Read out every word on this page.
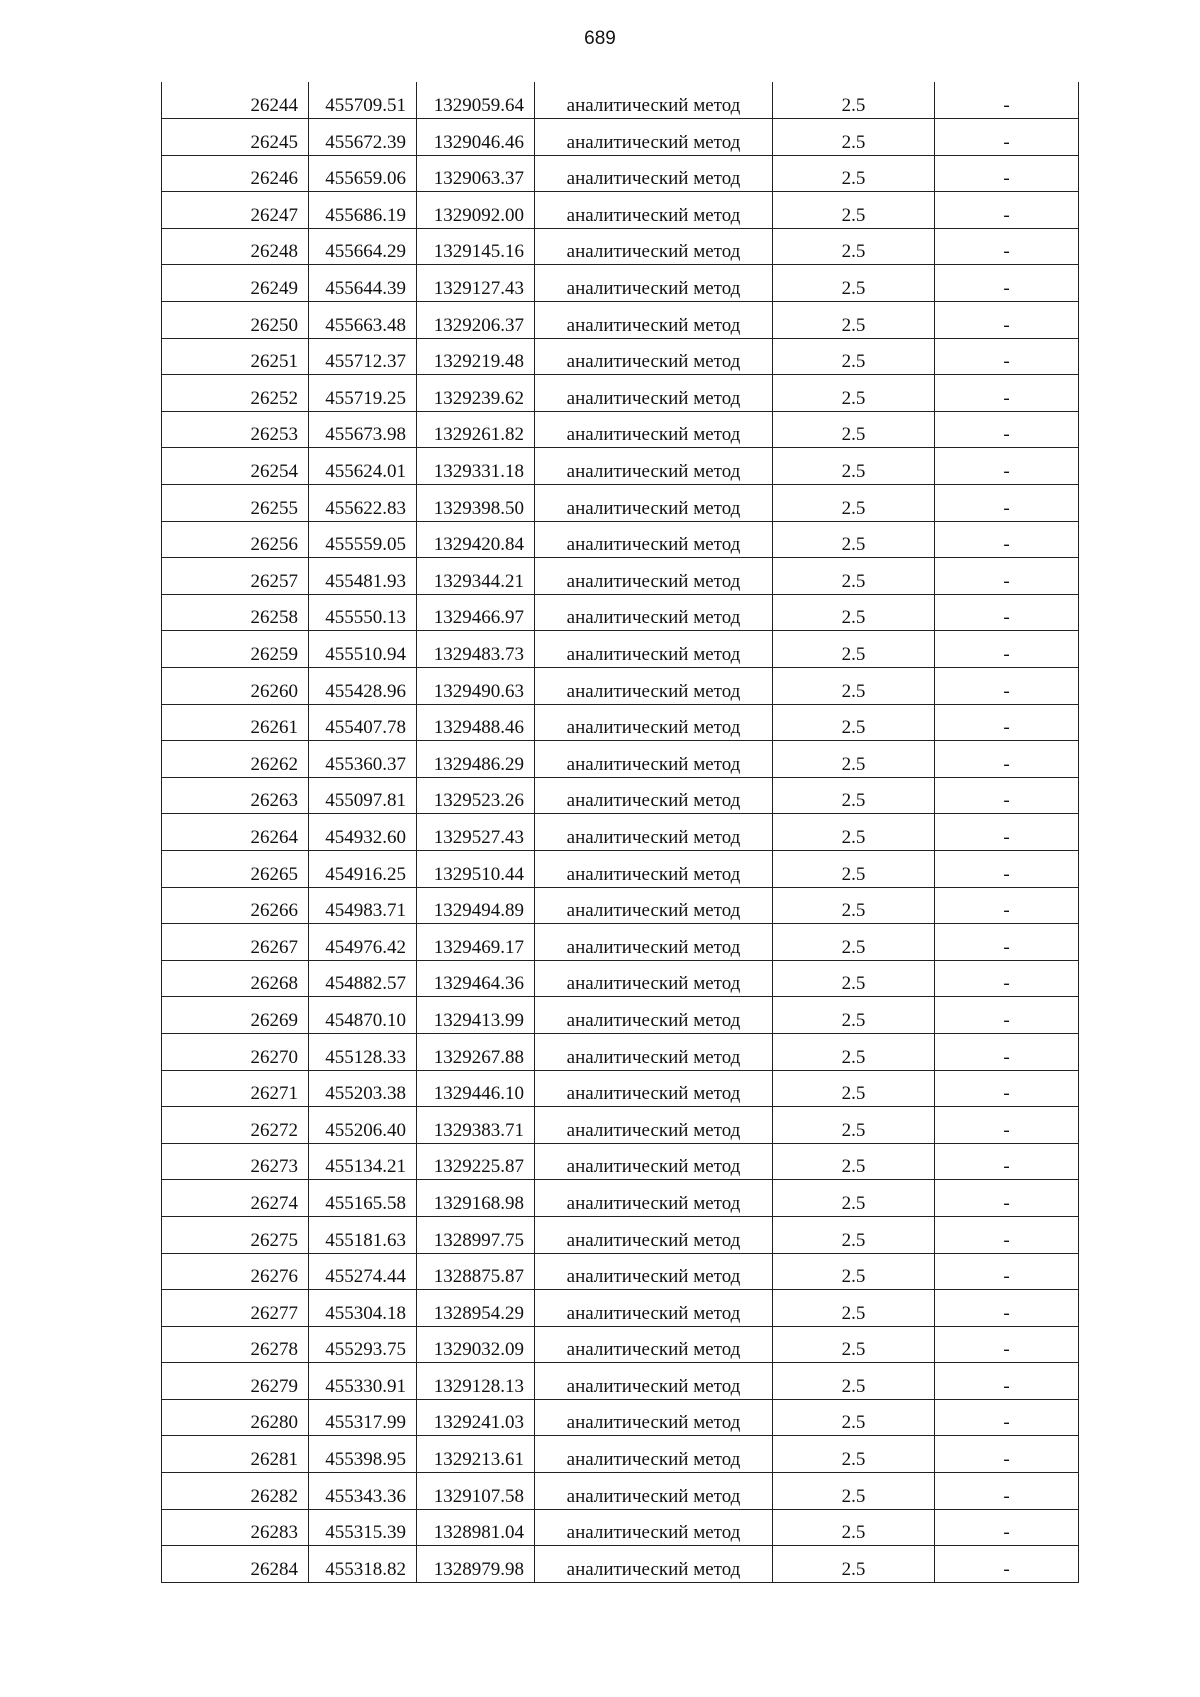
689
26244	455709.51	1329059.64	аналитический метод	2.5	-
26245	455672.39	1329046.46	аналитический метод	2.5	-
26246	455659.06	1329063.37	аналитический метод	2.5	-
26247	455686.19	1329092.00	аналитический метод	2.5	-
26248	455664.29	1329145.16	аналитический метод	2.5	-
26249	455644.39	1329127.43	аналитический метод	2.5	-
26250	455663.48	1329206.37	аналитический метод	2.5	-
26251	455712.37	1329219.48	аналитический метод	2.5	-
26252	455719.25	1329239.62	аналитический метод	2.5	-
26253	455673.98	1329261.82	аналитический метод	2.5	-
26254	455624.01	1329331.18	аналитический метод	2.5	-
26255	455622.83	1329398.50	аналитический метод	2.5	-
26256	455559.05	1329420.84	аналитический метод	2.5	-
26257	455481.93	1329344.21	аналитический метод	2.5	-
26258	455550.13	1329466.97	аналитический метод	2.5	-
26259	455510.94	1329483.73	аналитический метод	2.5	-
26260	455428.96	1329490.63	аналитический метод	2.5	-
26261	455407.78	1329488.46	аналитический метод	2.5	-
26262	455360.37	1329486.29	аналитический метод	2.5	-
26263	455097.81	1329523.26	аналитический метод	2.5	-
26264	454932.60	1329527.43	аналитический метод	2.5	-
26265	454916.25	1329510.44	аналитический метод	2.5	-
26266	454983.71	1329494.89	аналитический метод	2.5	-
26267	454976.42	1329469.17	аналитический метод	2.5	-
26268	454882.57	1329464.36	аналитический метод	2.5	-
26269	454870.10	1329413.99	аналитический метод	2.5	-
26270	455128.33	1329267.88	аналитический метод	2.5	-
26271	455203.38	1329446.10	аналитический метод	2.5	-
26272	455206.40	1329383.71	аналитический метод	2.5	-
26273	455134.21	1329225.87	аналитический метод	2.5	-
26274	455165.58	1329168.98	аналитический метод	2.5	-
26275	455181.63	1328997.75	аналитический метод	2.5	-
26276	455274.44	1328875.87	аналитический метод	2.5	-
26277	455304.18	1328954.29	аналитический метод	2.5	-
26278	455293.75	1329032.09	аналитический метод	2.5	-
26279	455330.91	1329128.13	аналитический метод	2.5	-
26280	455317.99	1329241.03	аналитический метод	2.5	-
26281	455398.95	1329213.61	аналитический метод	2.5	-
26282	455343.36	1329107.58	аналитический метод	2.5	-
26283	455315.39	1328981.04	аналитический метод	2.5	-
26284	455318.82	1328979.98	аналитический метод	2.5	-
